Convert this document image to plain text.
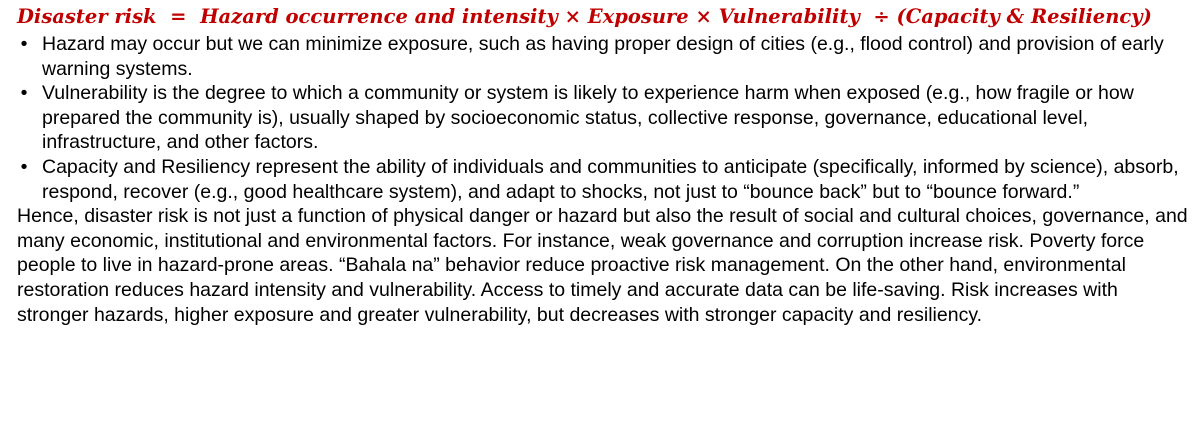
Disaster risk = Hazard occurrence and intensity × Exposure × Vulnerability ÷ (Capacity & Resiliency)
• Hazard may occur but we can minimize exposure, such as having proper design of cities (e.g., flood control) and provision of early warning systems.
• Vulnerability is the degree to which a community or system is likely to experience harm when exposed (e.g., how fragile or how prepared the community is), usually shaped by socioeconomic status, collective response, governance, educational level, infrastructure, and other factors.
• Capacity and Resiliency represent the ability of individuals and communities to anticipate (specifically, informed by science), absorb, respond, recover (e.g., good healthcare system), and adapt to shocks, not just to “bounce back” but to “bounce forward.”

Hence, disaster risk is not just a function of physical danger or hazard but also the result of social and cultural choices, governance, and many economic, institutional and environmental factors. For instance, weak governance and corruption increase risk. Poverty force people to live in hazard-prone areas. “Bahala na” behavior reduce proactive risk management. On the other hand, environmental restoration reduces hazard intensity and vulnerability. Access to timely and accurate data can be life-saving. Risk increases with stronger hazards, higher exposure and greater vulnerability, but decreases with stronger capacity and resiliency.
